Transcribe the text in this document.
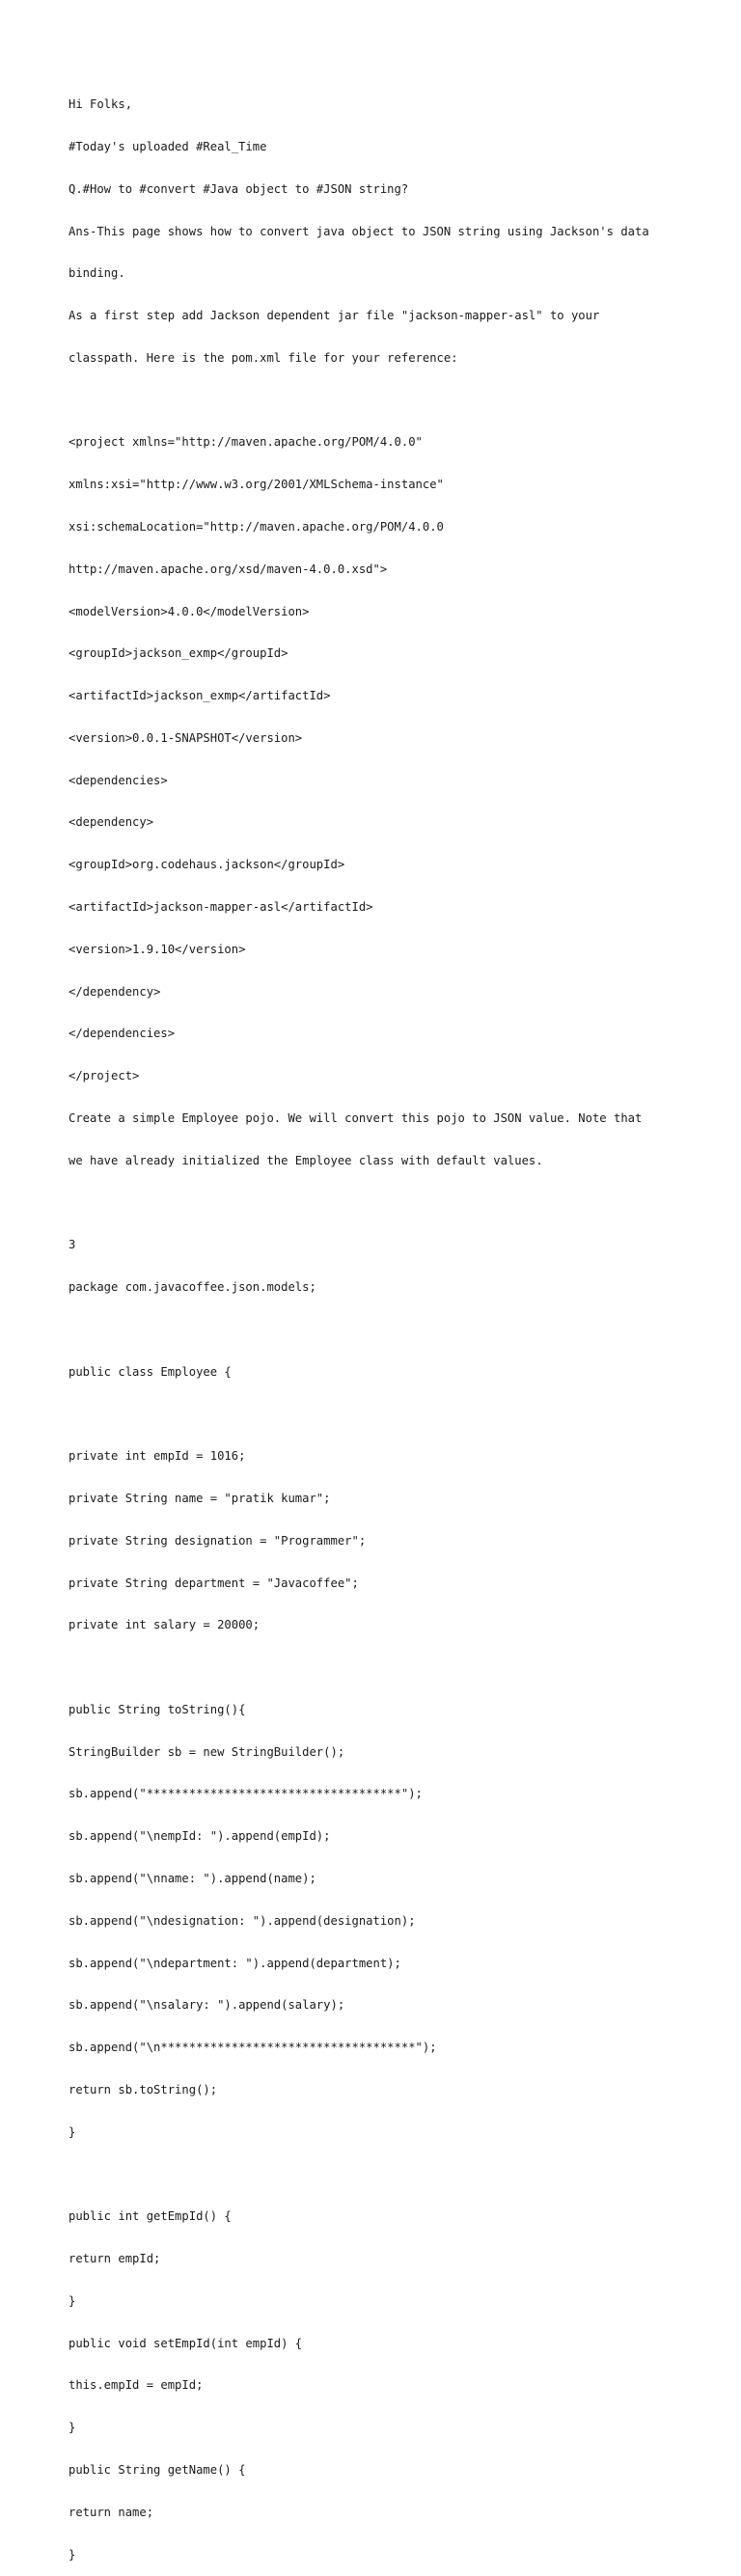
Hi Folks,

#Today's uploaded #Real_Time

Q.#How to #convert #Java object to #JSON string?

Ans-This page shows how to convert java object to JSON string using Jackson's data

binding.

As a first step add Jackson dependent jar file "jackson-mapper-asl" to your

classpath. Here is the pom.xml file for your reference:

<project xmlns="http://maven.apache.org/POM/4.0.0"

xmlns:xsi="http://www.w3.org/2001/XMLSchema-instance"

xsi:schemaLocation="http://maven.apache.org/POM/4.0.0

http://maven.apache.org/xsd/maven-4.0.0.xsd">

<modelVersion>4.0.0</modelVersion>

<groupId>jackson_exmp</groupId>

<artifactId>jackson_exmp</artifactId>

<version>0.0.1-SNAPSHOT</version>

<dependencies>

<dependency>

<groupId>org.codehaus.jackson</groupId>

<artifactId>jackson-mapper-asl</artifactId>

<version>1.9.10</version>

</dependency>

</dependencies>

</project>

Create a simple Employee pojo. We will convert this pojo to JSON value. Note that

we have already initialized the Employee class with default values.

3

package com.javacoffee.json.models;

public class Employee {

private int empId = 1016;

private String name = "pratik kumar";

private String designation = "Programmer";

private String department = "Javacoffee";

private int salary = 20000;

public String toString(){

StringBuilder sb = new StringBuilder();

sb.append("************************************");

sb.append("\nempId: ").append(empId);

sb.append("\nname: ").append(name);

sb.append("\ndesignation: ").append(designation);

sb.append("\ndepartment: ").append(department);

sb.append("\nsalary: ").append(salary);

sb.append("\n************************************");

return sb.toString();

}

public int getEmpId() {

return empId;

}

public void setEmpId(int empId) {

this.empId = empId;

}

public String getName() {

return name;

}
